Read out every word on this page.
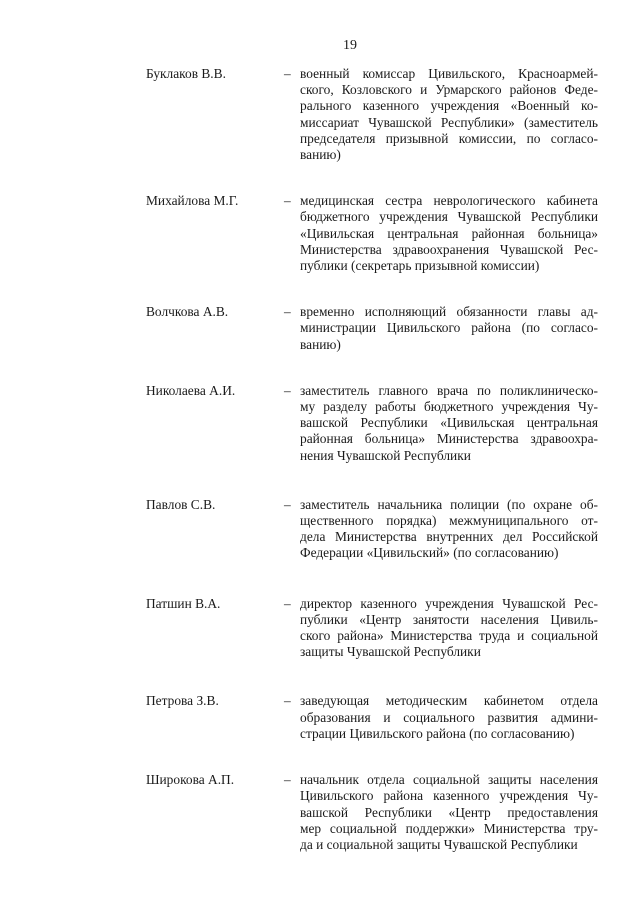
19
Буклаков В.В.	– военный комиссар Цивильского, Красноармей-
ского, Козловского и Урмарского районов Феде-
рального казенного учреждения «Военный ко-
миссариат Чувашской Республики» (заместитель
председателя призывной комиссии, по согласо-
ванию)
Михайлова М.Г.	– медицинская сестра неврологического кабинета
бюджетного учреждения Чувашской Республики
«Цивильская центральная районная больница»
Министерства здравоохранения Чувашской Рес-
публики (секретарь призывной комиссии)
Волчкова А.В.	– временно исполняющий обязанности главы ад-
министрации Цивильского района (по согласо-
ванию)
Николаева А.И.	– заместитель главного врача по поликлиническо-
му разделу работы бюджетного учреждения Чу-
вашской Республики «Цивильская центральная
районная больница» Министерства здравоохра-
нения Чувашской Республики
Павлов С.В.	– заместитель начальника полиции (по охране об-
щественного порядка) межмуниципального от-
дела Министерства внутренних дел Российской
Федерации «Цивильский» (по согласованию)
Патшин В.А.	– директор казенного учреждения Чувашской Рес-
публики «Центр занятости населения Цивиль-
ского района» Министерства труда и социальной
защиты Чувашской Республики
Петрова З.В.	– заведующая методическим кабинетом отдела
образования и социального развития админи-
страции Цивильского района (по согласованию)
Широкова А.П.	– начальник отдела социальной защиты населения
Цивильского района казенного учреждения Чу-
вашской Республики «Центр предоставления
мер социальной поддержки» Министерства тру-
да и социальной защиты Чувашской Республики
